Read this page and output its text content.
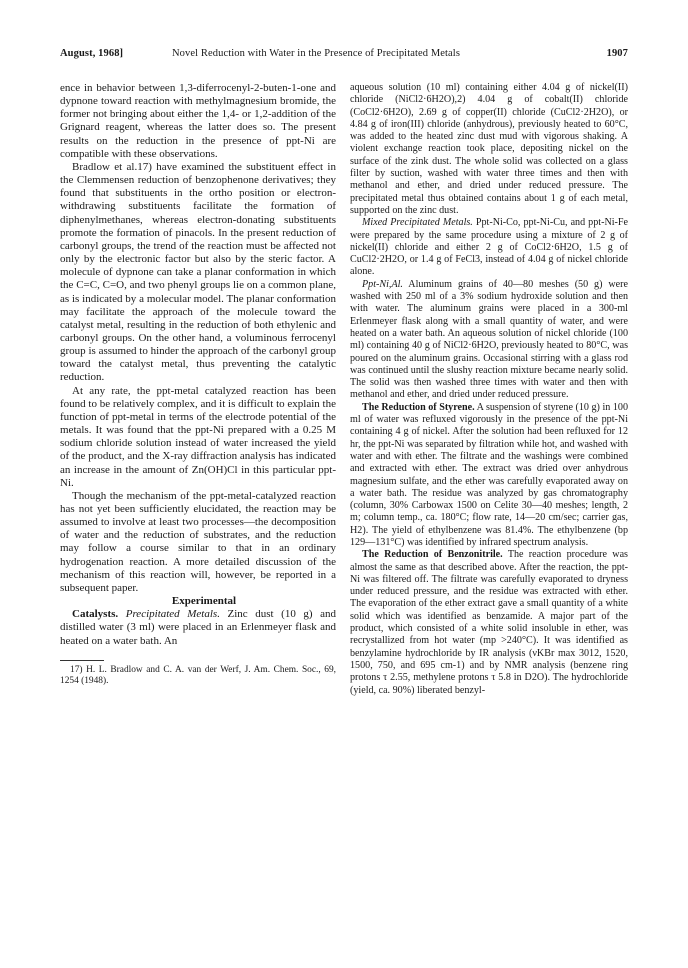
August, 1968]	Novel Reduction with Water in the Presence of Precipitated Metals	1907

ence in behavior between 1,3-diferrocenyl-2-buten-1-one and dypnone toward reaction with methylmagnesium bromide, the former not bringing about either the 1,4- or 1,2-addition of the Grignard reagent, whereas the latter does so. The present results on the reduction in the presence of ppt-Ni are compatible with these observations.

Bradlow et al.17) have examined the substituent effect in the Clemmensen reduction of benzophenone derivatives; they found that substituents in the ortho position or electron-withdrawing substituents facilitate the formation of diphenylmethanes, whereas electron-donating substituents promote the formation of pinacols. In the present reduction of carbonyl groups, the trend of the reaction must be affected not only by the electronic factor but also by the steric factor. A molecule of dypnone can take a planar conformation in which the C=C, C=O, and two phenyl groups lie on a common plane, as is indicated by a molecular model. The planar conformation may facilitate the approach of the molecule toward the catalyst metal, resulting in the reduction of both ethylenic and carbonyl groups. On the other hand, a voluminous ferrocenyl group is assumed to hinder the approach of the carbonyl group toward the catalyst metal, thus preventing the catalytic reduction.

At any rate, the ppt-metal catalyzed reaction has been found to be relatively complex, and it is difficult to explain the function of ppt-metal in terms of the electrode potential of the metals. It was found that the ppt-Ni prepared with a 0.25 M sodium chloride solution instead of water increased the yield of the product, and the X-ray diffraction analysis has indicated an increase in the amount of Zn(OH)Cl in this particular ppt-Ni.

Though the mechanism of the ppt-metal-catalyzed reaction has not yet been sufficiently elucidated, the reaction may be assumed to involve at least two processes—the decomposition of water and the reduction of substrates, and the reduction may follow a course similar to that in an ordinary hydrogenation reaction. A more detailed discussion of the mechanism of this reaction will, however, be reported in a subsequent paper.

Experimental

Catalysts. Precipitated Metals. Zinc dust (10 g) and distilled water (3 ml) were placed in an Erlenmeyer flask and heated on a water bath. An

17) H. L. Bradlow and C. A. van der Werf, J. Am. Chem. Soc., 69, 1254 (1948).

aqueous solution (10 ml) containing either 4.04 g of nickel(II) chloride (NiCl2·6H2O),2) 4.04 g of cobalt(II) chloride (CoCl2·6H2O), 2.69 g of copper(II) chloride (CuCl2·2H2O), or 4.84 g of iron(III) chloride (anhydrous), previously heated to 60°C, was added to the heated zinc dust mud with vigorous shaking. A violent exchange reaction took place, depositing nickel on the surface of the zink dust. The whole solid was collected on a glass filter by suction, washed with water three times and then with methanol and ether, and dried under reduced pressure. The precipitated metal thus obtained contains about 1 g of each metal, supported on the zinc dust.

Mixed Precipitated Metals. Ppt-Ni-Co, ppt-Ni-Cu, and ppt-Ni-Fe were prepared by the same procedure using a mixture of 2 g of nickel(II) chloride and either 2 g of CoCl2·6H2O, 1.5 g of CuCl2·2H2O, or 1.4 g of FeCl3, instead of 4.04 g of nickel chloride alone.

Ppt-Ni,Al. Aluminum grains of 40—80 meshes (50 g) were washed with 250 ml of a 3% sodium hydroxide solution and then with water. The aluminum grains were placed in a 300-ml Erlenmeyer flask along with a small quantity of water, and were heated on a water bath. An aqueous solution of nickel chloride (100 ml) containing 40 g of NiCl2·6H2O, previously heated to 80°C, was poured on the aluminum grains. Occasional stirring with a glass rod was continued until the slushy reaction mixture became nearly solid. The solid was then washed three times with water and then with methanol and ether, and dried under reduced pressure.

The Reduction of Styrene. A suspension of styrene (10 g) in 100 ml of water was refluxed vigorously in the presence of the ppt-Ni containing 4 g of nickel. After the solution had been refluxed for 12 hr, the ppt-Ni was separated by filtration while hot, and washed with water and with ether. The filtrate and the washings were combined and extracted with ether. The extract was dried over anhydrous magnesium sulfate, and the ether was carefully evaporated away on a water bath. The residue was analyzed by gas chromatography (column, 30% Carbowax 1500 on Celite 30—40 meshes; length, 2 m; column temp., ca. 180°C; flow rate, 14—20 cm/sec; carrier gas, H2). The yield of ethylbenzene was 81.4%. The ethylbenzene (bp 129—131°C) was identified by infrared spectrum analysis.

The Reduction of Benzonitrile. The reaction procedure was almost the same as that described above. After the reaction, the ppt-Ni was filtered off. The filtrate was carefully evaporated to dryness under reduced pressure, and the residue was extracted with ether. The evaporation of the ether extract gave a small quantity of a white solid which was identified as benzamide. A major part of the product, which consisted of a white solid insoluble in ether, was recrystallized from hot water (mp >240°C). It was identified as benzylamine hydrochloride by IR analysis (νKBr max 3012, 1520, 1500, 750, and 695 cm-1) and by NMR analysis (benzene ring protons τ 2.55, methylene protons τ 5.8 in D2O). The hydrochloride (yield, ca. 90%) liberated benzyl-
